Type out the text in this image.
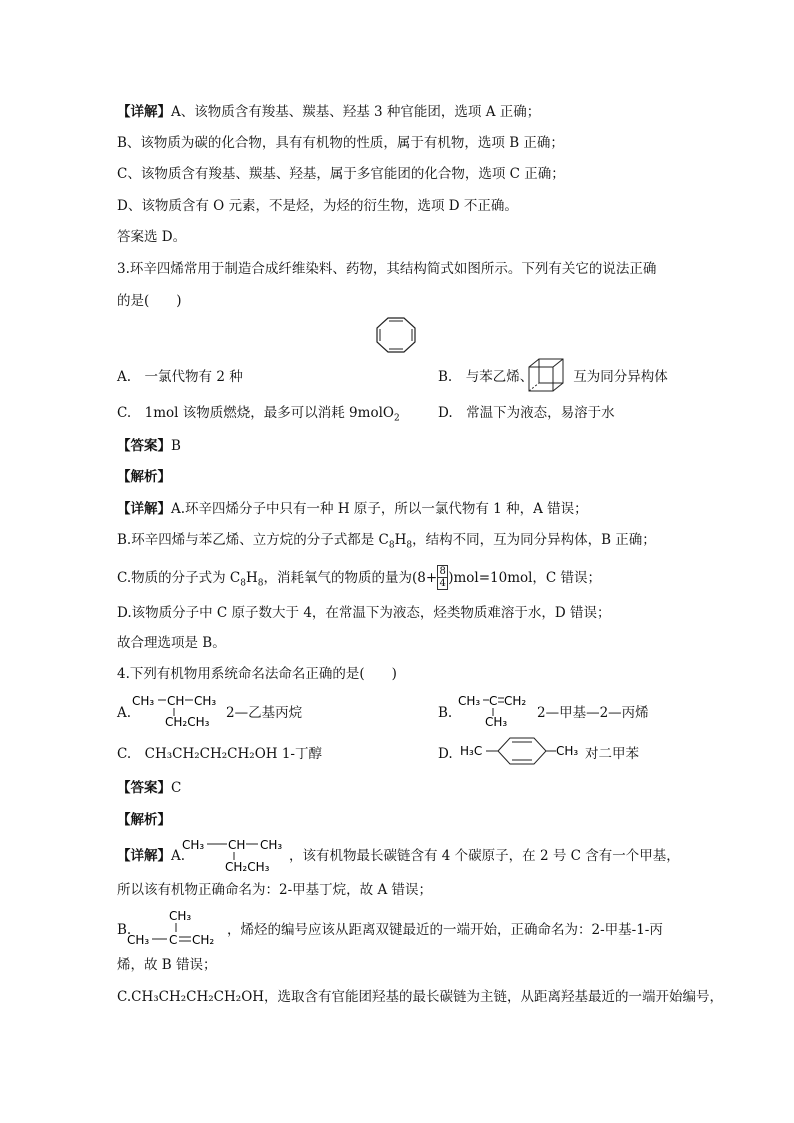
【详解】A、该物质含有羧基、羰基、羟基 3 种官能团，选项 A 正确；
B、该物质为碳的化合物，具有有机物的性质，属于有机物，选项 B 正确；
C、该物质含有羧基、羰基、羟基，属于多官能团的化合物，选项 C 正确；
D、该物质含有 O 元素，不是烃，为烃的衍生物，选项 D 不正确。
答案选 D。
3.环辛四烯常用于制造合成纤维染料、药物，其结构简式如图所示。下列有关它的说法正确
的是(　　)
A.　一氯代物有 2 种	B.　与苯乙烯、	互为同分异构体
C.　1mol 该物质燃烧，最多可以消耗 9molO$_2$	D.　常温下为液态，易溶于水
【答案】B
【解析】
【详解】A.环辛四烯分子中只有一种 H 原子，所以一氯代物有 1 种，A 错误；
B.环辛四烯与苯乙烯、立方烷的分子式都是 $C_8H_8$，结构不同，互为同分异构体，B 正确；
C.物质的分子式为 $C_8H_8$，消耗氧气的物质的量为$(8+ \frac{8}{4} )mol=10mol$，C 错误；
D.该物质分子中 C 原子数大于 4，在常温下为液态，烃类物质难溶于水，D 错误；
故合理选项是 B。
4.下列有机物用系统命名法命名正确的是(　　)
A.
CH₃ CH CH₃
CH₂CH₃
2—乙基丙烷	B.
CH₃ C CH₂
CH₃
2—甲基—2—丙烯
C.　CH₃CH₂CH₂CH₂OH 1-丁醇	D. H₃C	CH₃ 对二甲苯
【答案】C
【解析】
【详解】A.
CH₃ CH CH₃
CH₂CH₃
，该有机物最长碳链含有 4 个碳原子，在 2 号 C 含有一个甲基，
所以该有机物正确命名为：2-甲基丁烷，故 A 错误；
B.
CH₃
CH₃ C CH₂
，烯烃的编号应该从距离双键最近的一端开始，正确命名为：2-甲基-1-丙
烯，故 B 错误；
C.CH₃CH₂CH₂CH₂OH，选取含有官能团羟基的最长碳链为主链，从距离羟基最近的一端开始编号，
